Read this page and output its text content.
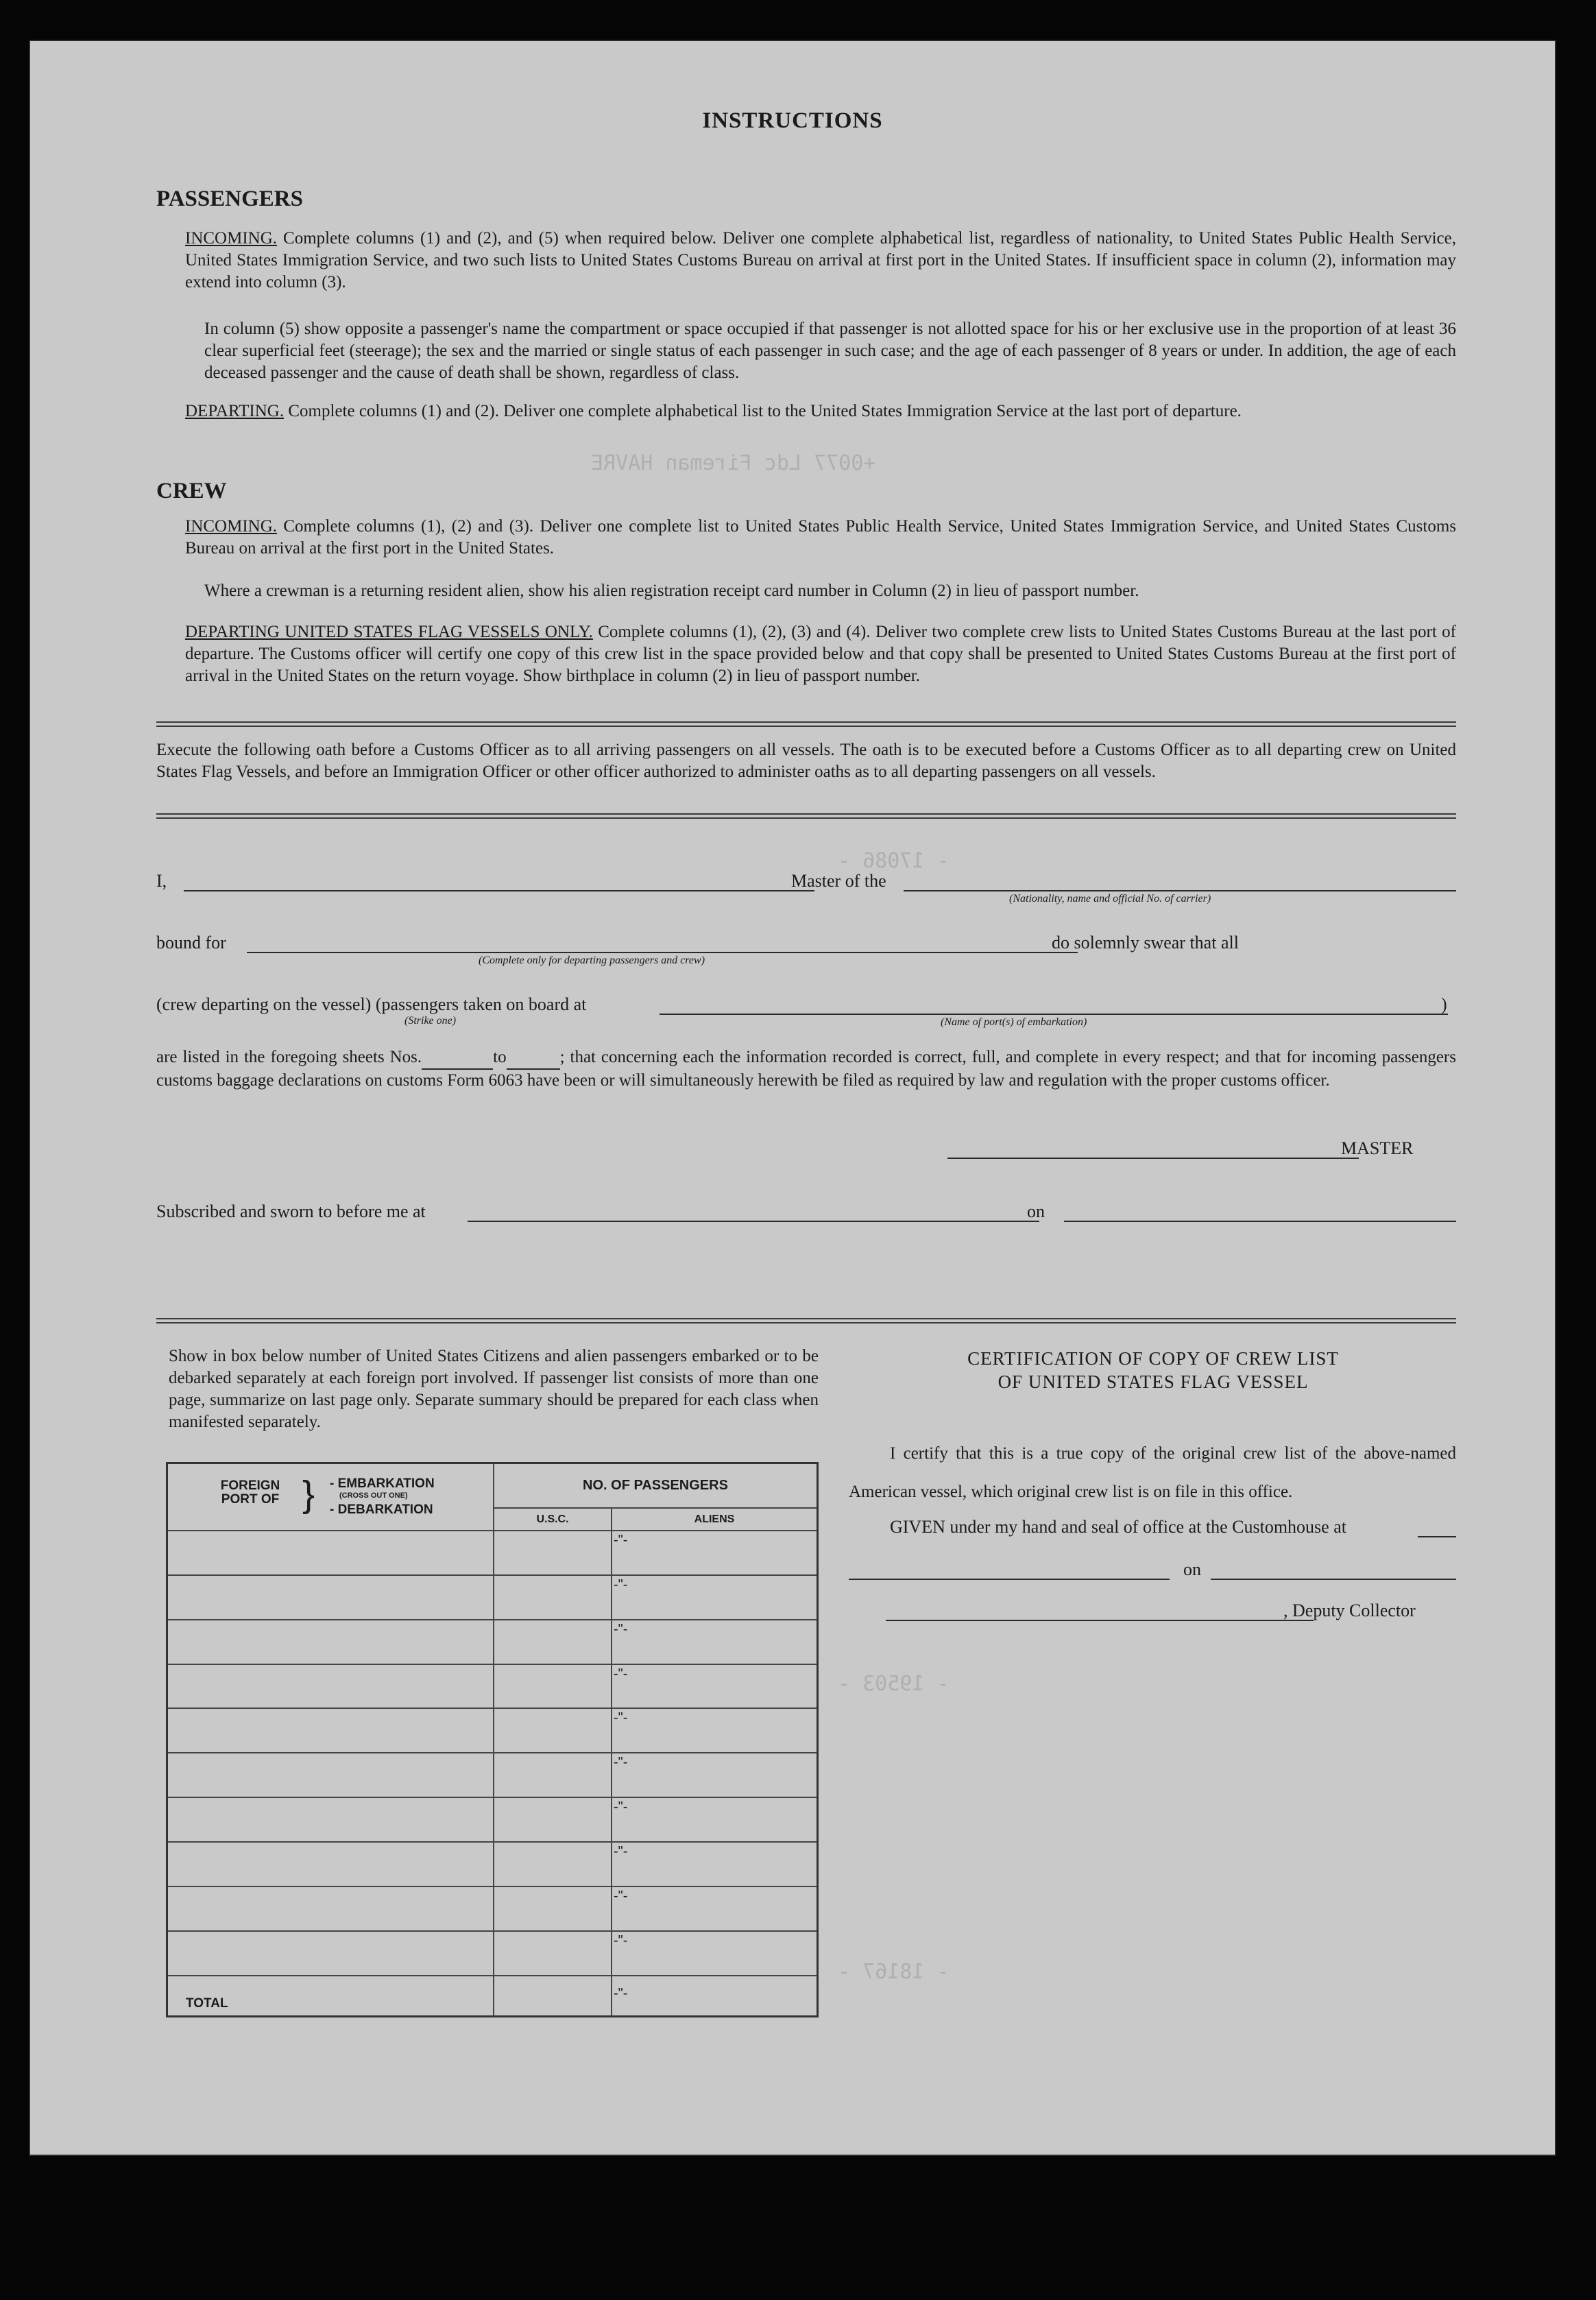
+0077 Ldc Fireman HAVRE
- 17086 -
- 19503 -
- 18167 -
INSTRUCTIONS
PASSENGERS
INCOMING. Complete columns (1) and (2), and (5) when required below. Deliver one complete alphabetical list, regardless of nationality, to United States Public Health Service, United States Immigration Service, and two such lists to United States Customs Bureau on arrival at first port in the United States. If insufficient space in column (2), information may extend into column (3).
In column (5) show opposite a passenger's name the compartment or space occupied if that passenger is not allotted space for his or her exclusive use in the proportion of at least 36 clear superficial feet (steerage); the sex and the married or single status of each passenger in such case; and the age of each passenger of 8 years or under. In addition, the age of each deceased passenger and the cause of death shall be shown, regardless of class.
DEPARTING. Complete columns (1) and (2). Deliver one complete alphabetical list to the United States Immigration Service at the last port of departure.
CREW
INCOMING. Complete columns (1), (2) and (3). Deliver one complete list to United States Public Health Service, United States Immigration Service, and United States Customs Bureau on arrival at the first port in the United States.
Where a crewman is a returning resident alien, show his alien registration receipt card number in Column (2) in lieu of passport number.
DEPARTING UNITED STATES FLAG VESSELS ONLY. Complete columns (1), (2), (3) and (4). Deliver two complete crew lists to United States Customs Bureau at the last port of departure. The Customs officer will certify one copy of this crew list in the space provided below and that copy shall be presented to United States Customs Bureau at the first port of arrival in the United States on the return voyage. Show birthplace in column (2) in lieu of passport number.
Execute the following oath before a Customs Officer as to all arriving passengers on all vessels. The oath is to be executed before a Customs Officer as to all departing crew on United States Flag Vessels, and before an Immigration Officer or other officer authorized to administer oaths as to all departing passengers on all vessels.
I,	Master of the
(Nationality, name and official No. of carrier)
bound for	do solemnly swear that all
(Complete only for departing passengers and crew)
(crew departing on the vessel) (passengers taken on board at	)
(Strike one)	(Name of port(s) of embarkation)
are listed in the foregoing sheets Nos.	to	; that concerning each the information recorded is correct, full, and complete in every respect; and that for incoming passengers customs baggage declarations on customs Form 6063 have been or will simultaneously herewith be filed as required by law and regulation with the proper customs officer.
MASTER
Subscribed and sworn to before me at	on
Show in box below number of United States Citizens and alien passengers embarked or to be debarked separately at each foreign port involved. If passenger list consists of more than one page, summarize on last page only. Separate summary should be prepared for each class when manifested separately.
FOREIGN PORT OF } - EMBARKATION
(CROSS OUT ONE)
- DEBARKATION	NO. OF PASSENGERS	
	U.S.C.	ALIENS

		-"-

		-"-

		-"-

		-"-

		-"-

		-"-

		-"-

		-"-

		-"-

		-"-

TOTAL		-"-
CERTIFICATION OF COPY OF CREW LIST
OF UNITED STATES FLAG VESSEL
I certify that this is a true copy of the original crew list of the above-named American vessel, which original crew list is on file in this office.
GIVEN under my hand and seal of office at the Customhouse at
on
, Deputy Collector
